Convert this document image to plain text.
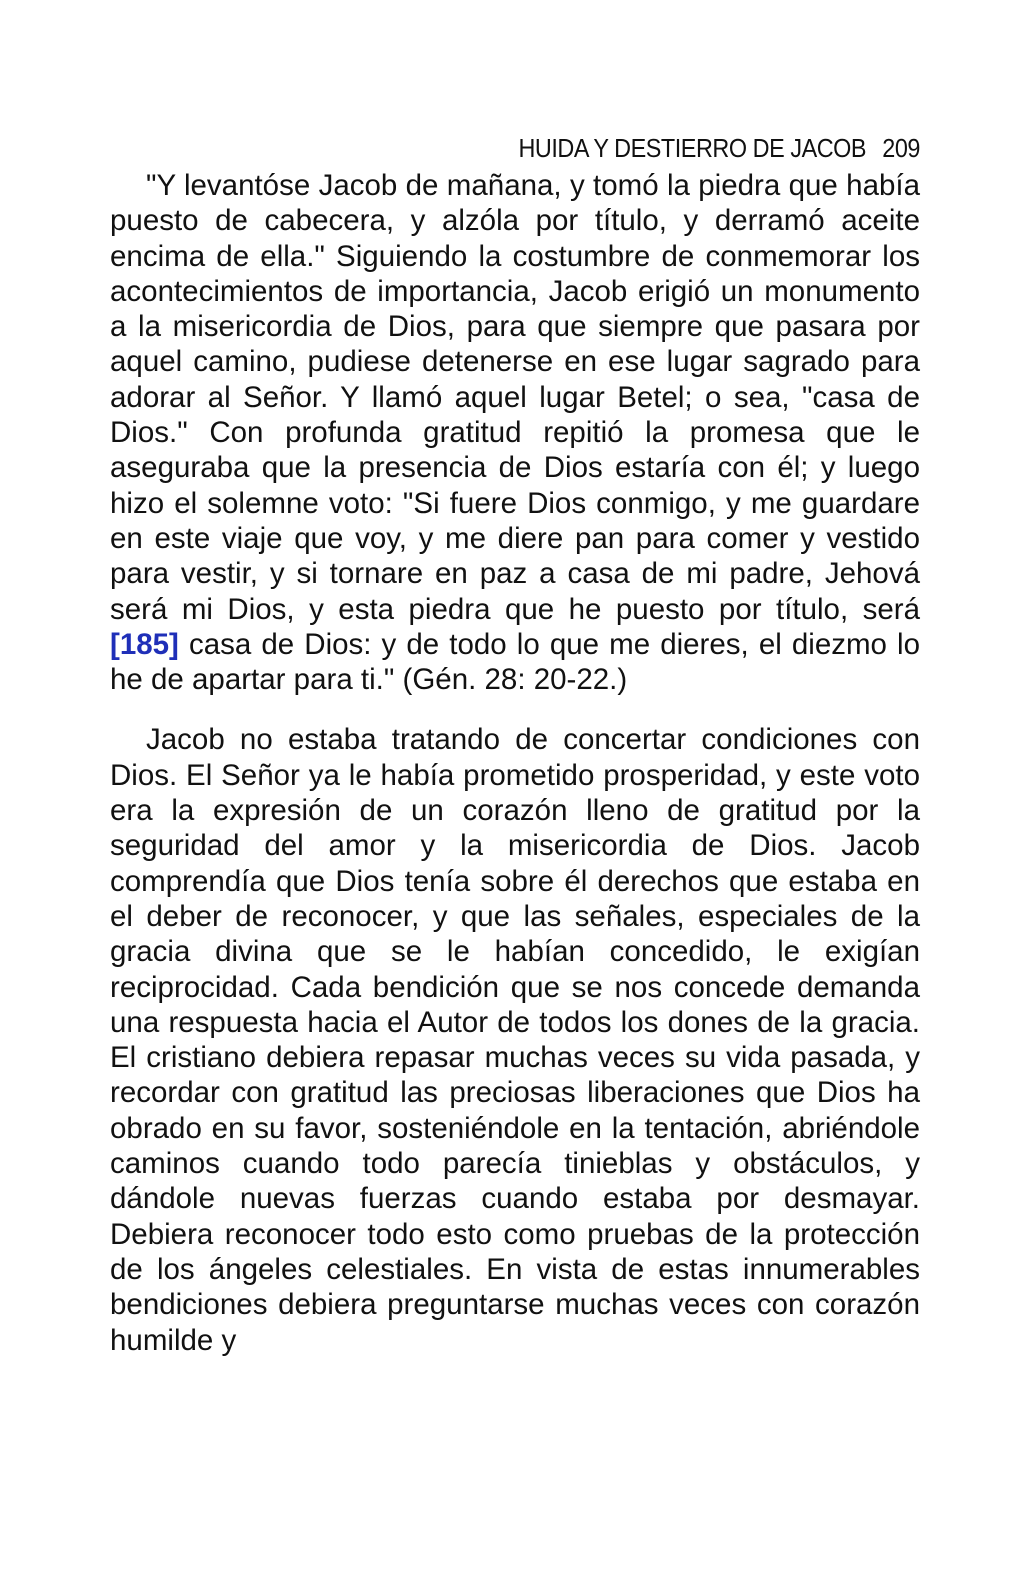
HUIDA Y DESTIERRO DE JACOB 209

"Y levantóse Jacob de mañana, y tomó la piedra que había puesto de cabecera, y alzóla por título, y derramó aceite encima de ella." Siguiendo la costumbre de conmemorar los acontecimientos de importancia, Jacob erigió un monumento a la misericordia de Dios, para que siempre que pasara por aquel camino, pudiese detenerse en ese lugar sagrado para adorar al Señor. Y llamó aquel lugar Betel; o sea, "casa de Dios." Con profunda gratitud repitió la promesa que le aseguraba que la presencia de Dios estaría con él; y luego hizo el solemne voto: "Si fuere Dios conmigo, y me guardare en este viaje que voy, y me diere pan para comer y vestido para vestir, y si tornare en paz a casa de mi padre, Jehová será mi Dios, y esta piedra que he puesto por título, será [185] casa de Dios: y de todo lo que me dieres, el diezmo lo he de apartar para ti." (Gén. 28: 20-22.)

Jacob no estaba tratando de concertar condiciones con Dios. El Señor ya le había prometido prosperidad, y este voto era la expresión de un corazón lleno de gratitud por la seguridad del amor y la misericordia de Dios. Jacob comprendía que Dios tenía sobre él derechos que estaba en el deber de reconocer, y que las señales, especiales de la gracia divina que se le habían concedido, le exigían reciprocidad. Cada bendición que se nos concede demanda una respuesta hacia el Autor de todos los dones de la gracia. El cristiano debiera repasar muchas veces su vida pasada, y recordar con gratitud las preciosas liberaciones que Dios ha obrado en su favor, sosteniéndole en la tentación, abriéndole caminos cuando todo parecía tinieblas y obstáculos, y dándole nuevas fuerzas cuando estaba por desmayar. Debiera reconocer todo esto como pruebas de la protección de los ángeles celestiales. En vista de estas innumerables bendiciones debiera preguntarse muchas veces con corazón humilde y
